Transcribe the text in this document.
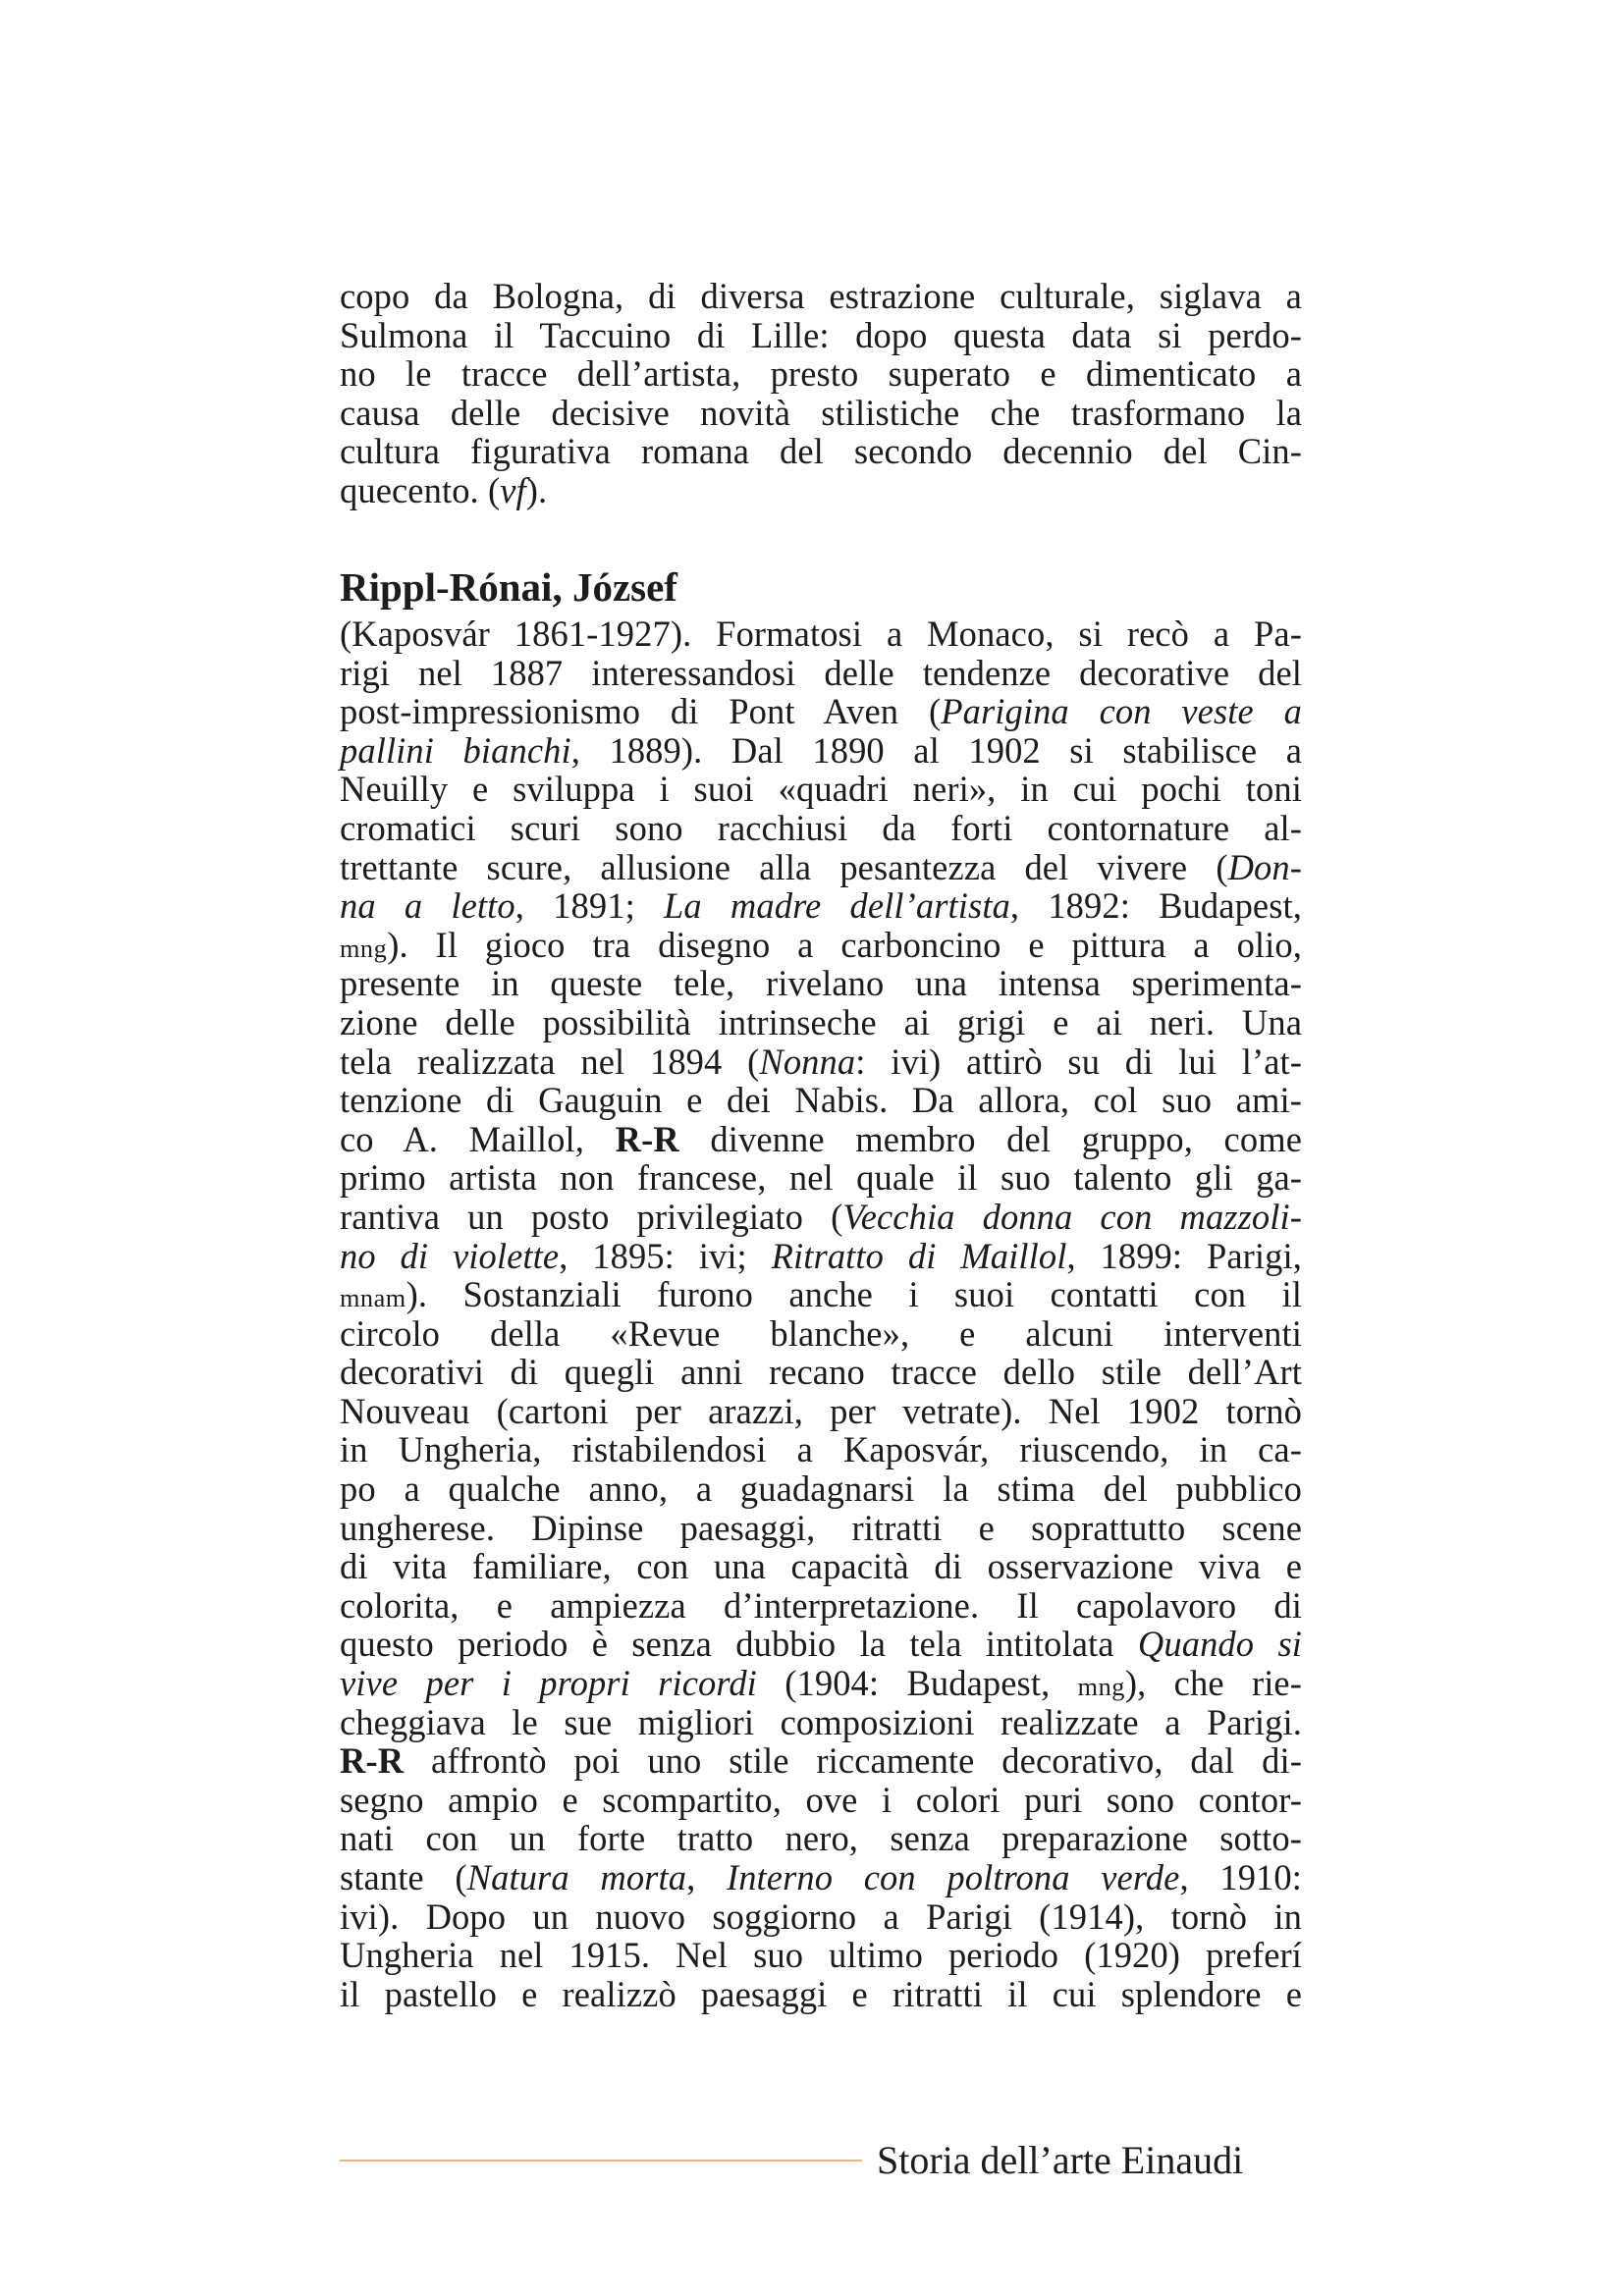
copo da Bologna, di diversa estrazione culturale, siglava a
Sulmona il Taccuino di Lille: dopo questa data si perdo-
no le tracce dell’artista, presto superato e dimenticato a
causa delle decisive novità stilistiche che trasformano la
cultura figurativa romana del secondo decennio del Cin-
quecento. (vf).
Rippl-Rónai, József
(Kaposvár 1861-1927). Formatosi a Monaco, si recò a Pa-
rigi nel 1887 interessandosi delle tendenze decorative del
post-impressionismo di Pont Aven (Parigina con veste a
pallini bianchi, 1889). Dal 1890 al 1902 si stabilisce a
Neuilly e sviluppa i suoi «quadri neri», in cui pochi toni
cromatici scuri sono racchiusi da forti contornature al-
trettante scure, allusione alla pesantezza del vivere (Don-
na a letto, 1891; La madre dell’artista, 1892: Budapest,
mng). Il gioco tra disegno a carboncino e pittura a olio,
presente in queste tele, rivelano una intensa sperimenta-
zione delle possibilità intrinseche ai grigi e ai neri. Una
tela realizzata nel 1894 (Nonna: ivi) attirò su di lui l’at-
tenzione di Gauguin e dei Nabis. Da allora, col suo ami-
co A. Maillol, R-R divenne membro del gruppo, come
primo artista non francese, nel quale il suo talento gli ga-
rantiva un posto privilegiato (Vecchia donna con mazzoli-
no di violette, 1895: ivi; Ritratto di Maillol, 1899: Parigi,
mnam). Sostanziali furono anche i suoi contatti con il
circolo della «Revue blanche», e alcuni interventi
decorativi di quegli anni recano tracce dello stile dell’Art
Nouveau (cartoni per arazzi, per vetrate). Nel 1902 tornò
in Ungheria, ristabilendosi a Kaposvár, riuscendo, in ca-
po a qualche anno, a guadagnarsi la stima del pubblico
ungherese. Dipinse paesaggi, ritratti e soprattutto scene
di vita familiare, con una capacità di osservazione viva e
colorita, e ampiezza d’interpretazione. Il capolavoro di
questo periodo è senza dubbio la tela intitolata Quando si
vive per i propri ricordi (1904: Budapest, mng), che rie-
cheggiava le sue migliori composizioni realizzate a Parigi.
R-R affrontò poi uno stile riccamente decorativo, dal di-
segno ampio e scompartito, ove i colori puri sono contor-
nati con un forte tratto nero, senza preparazione sotto-
stante (Natura morta, Interno con poltrona verde, 1910:
ivi). Dopo un nuovo soggiorno a Parigi (1914), tornò in
Ungheria nel 1915. Nel suo ultimo periodo (1920) preferí
il pastello e realizzò paesaggi e ritratti il cui splendore e
Storia dell’arte Einaudi
